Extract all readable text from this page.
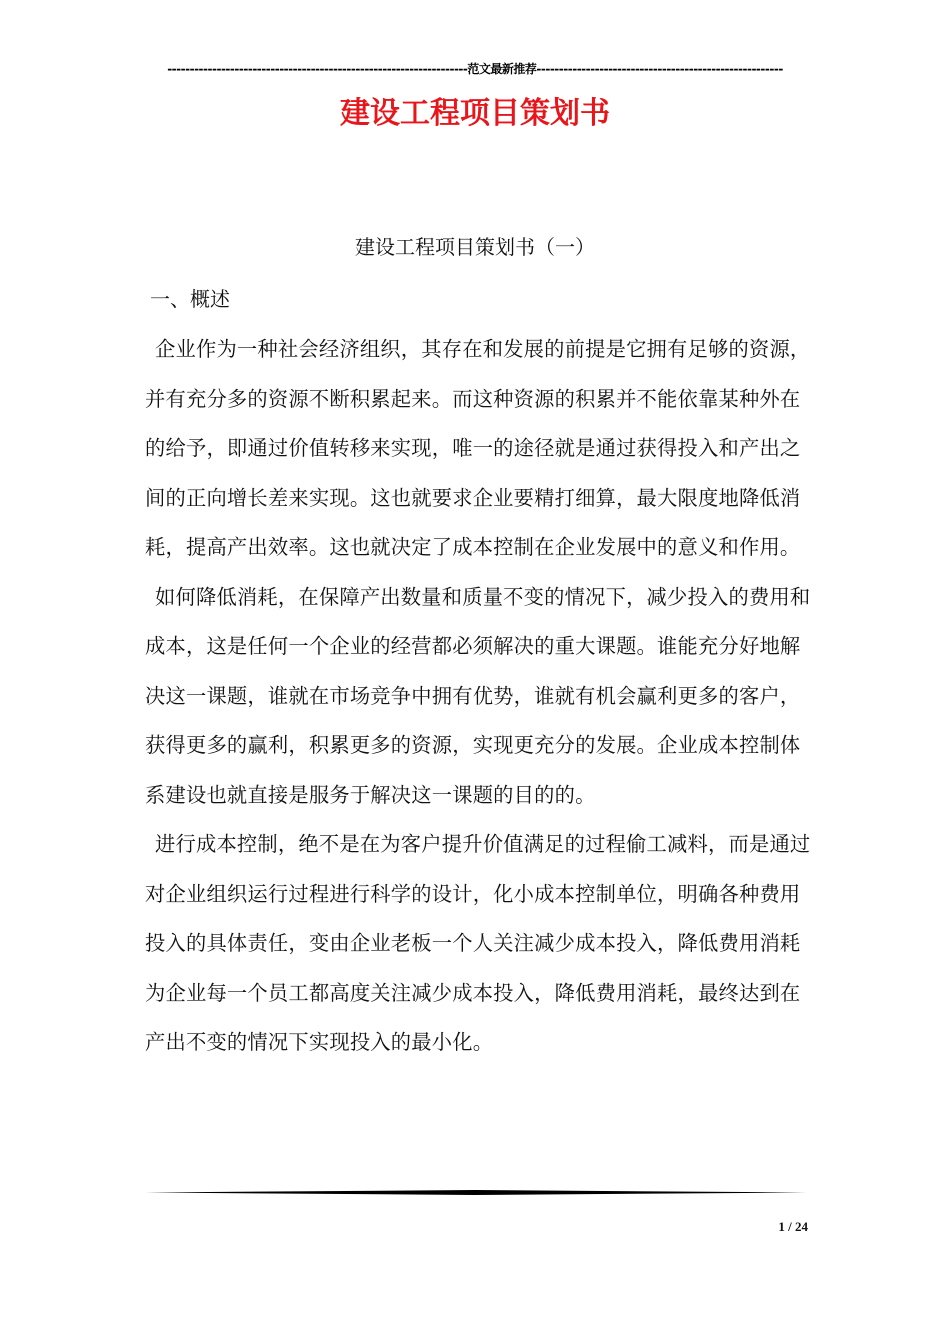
-------------------------------------------------------------------范文最新推荐-------------------------------------------------------
建设工程项目策划书
建设工程项目策划书（一）
一、概述

企业作为一种社会经济组织，其存在和发展的前提是它拥有足够的资源，并有充分多的资源不断积累起来。而这种资源的积累并不能依靠某种外在的给予，即通过价值转移来实现，唯一的途径就是通过获得投入和产出之间的正向增长差来实现。这也就要求企业要精打细算，最大限度地降低消耗，提高产出效率。这也就决定了成本控制在企业发展中的意义和作用。

如何降低消耗，在保障产出数量和质量不变的情况下，减少投入的费用和成本，这是任何一个企业的经营都必须解决的重大课题。谁能充分好地解决这一课题，谁就在市场竞争中拥有优势，谁就有机会赢利更多的客户，获得更多的赢利，积累更多的资源，实现更充分的发展。企业成本控制体系建设也就直接是服务于解决这一课题的目的的。

进行成本控制，绝不是在为客户提升价值满足的过程偷工减料，而是通过对企业组织运行过程进行科学的设计，化小成本控制单位，明确各种费用投入的具体责任，变由企业老板一个人关注减少成本投入，降低费用消耗为企业每一个员工都高度关注减少成本投入，降低费用消耗，最终达到在产出不变的情况下实现投入的最小化。

1 / 24
